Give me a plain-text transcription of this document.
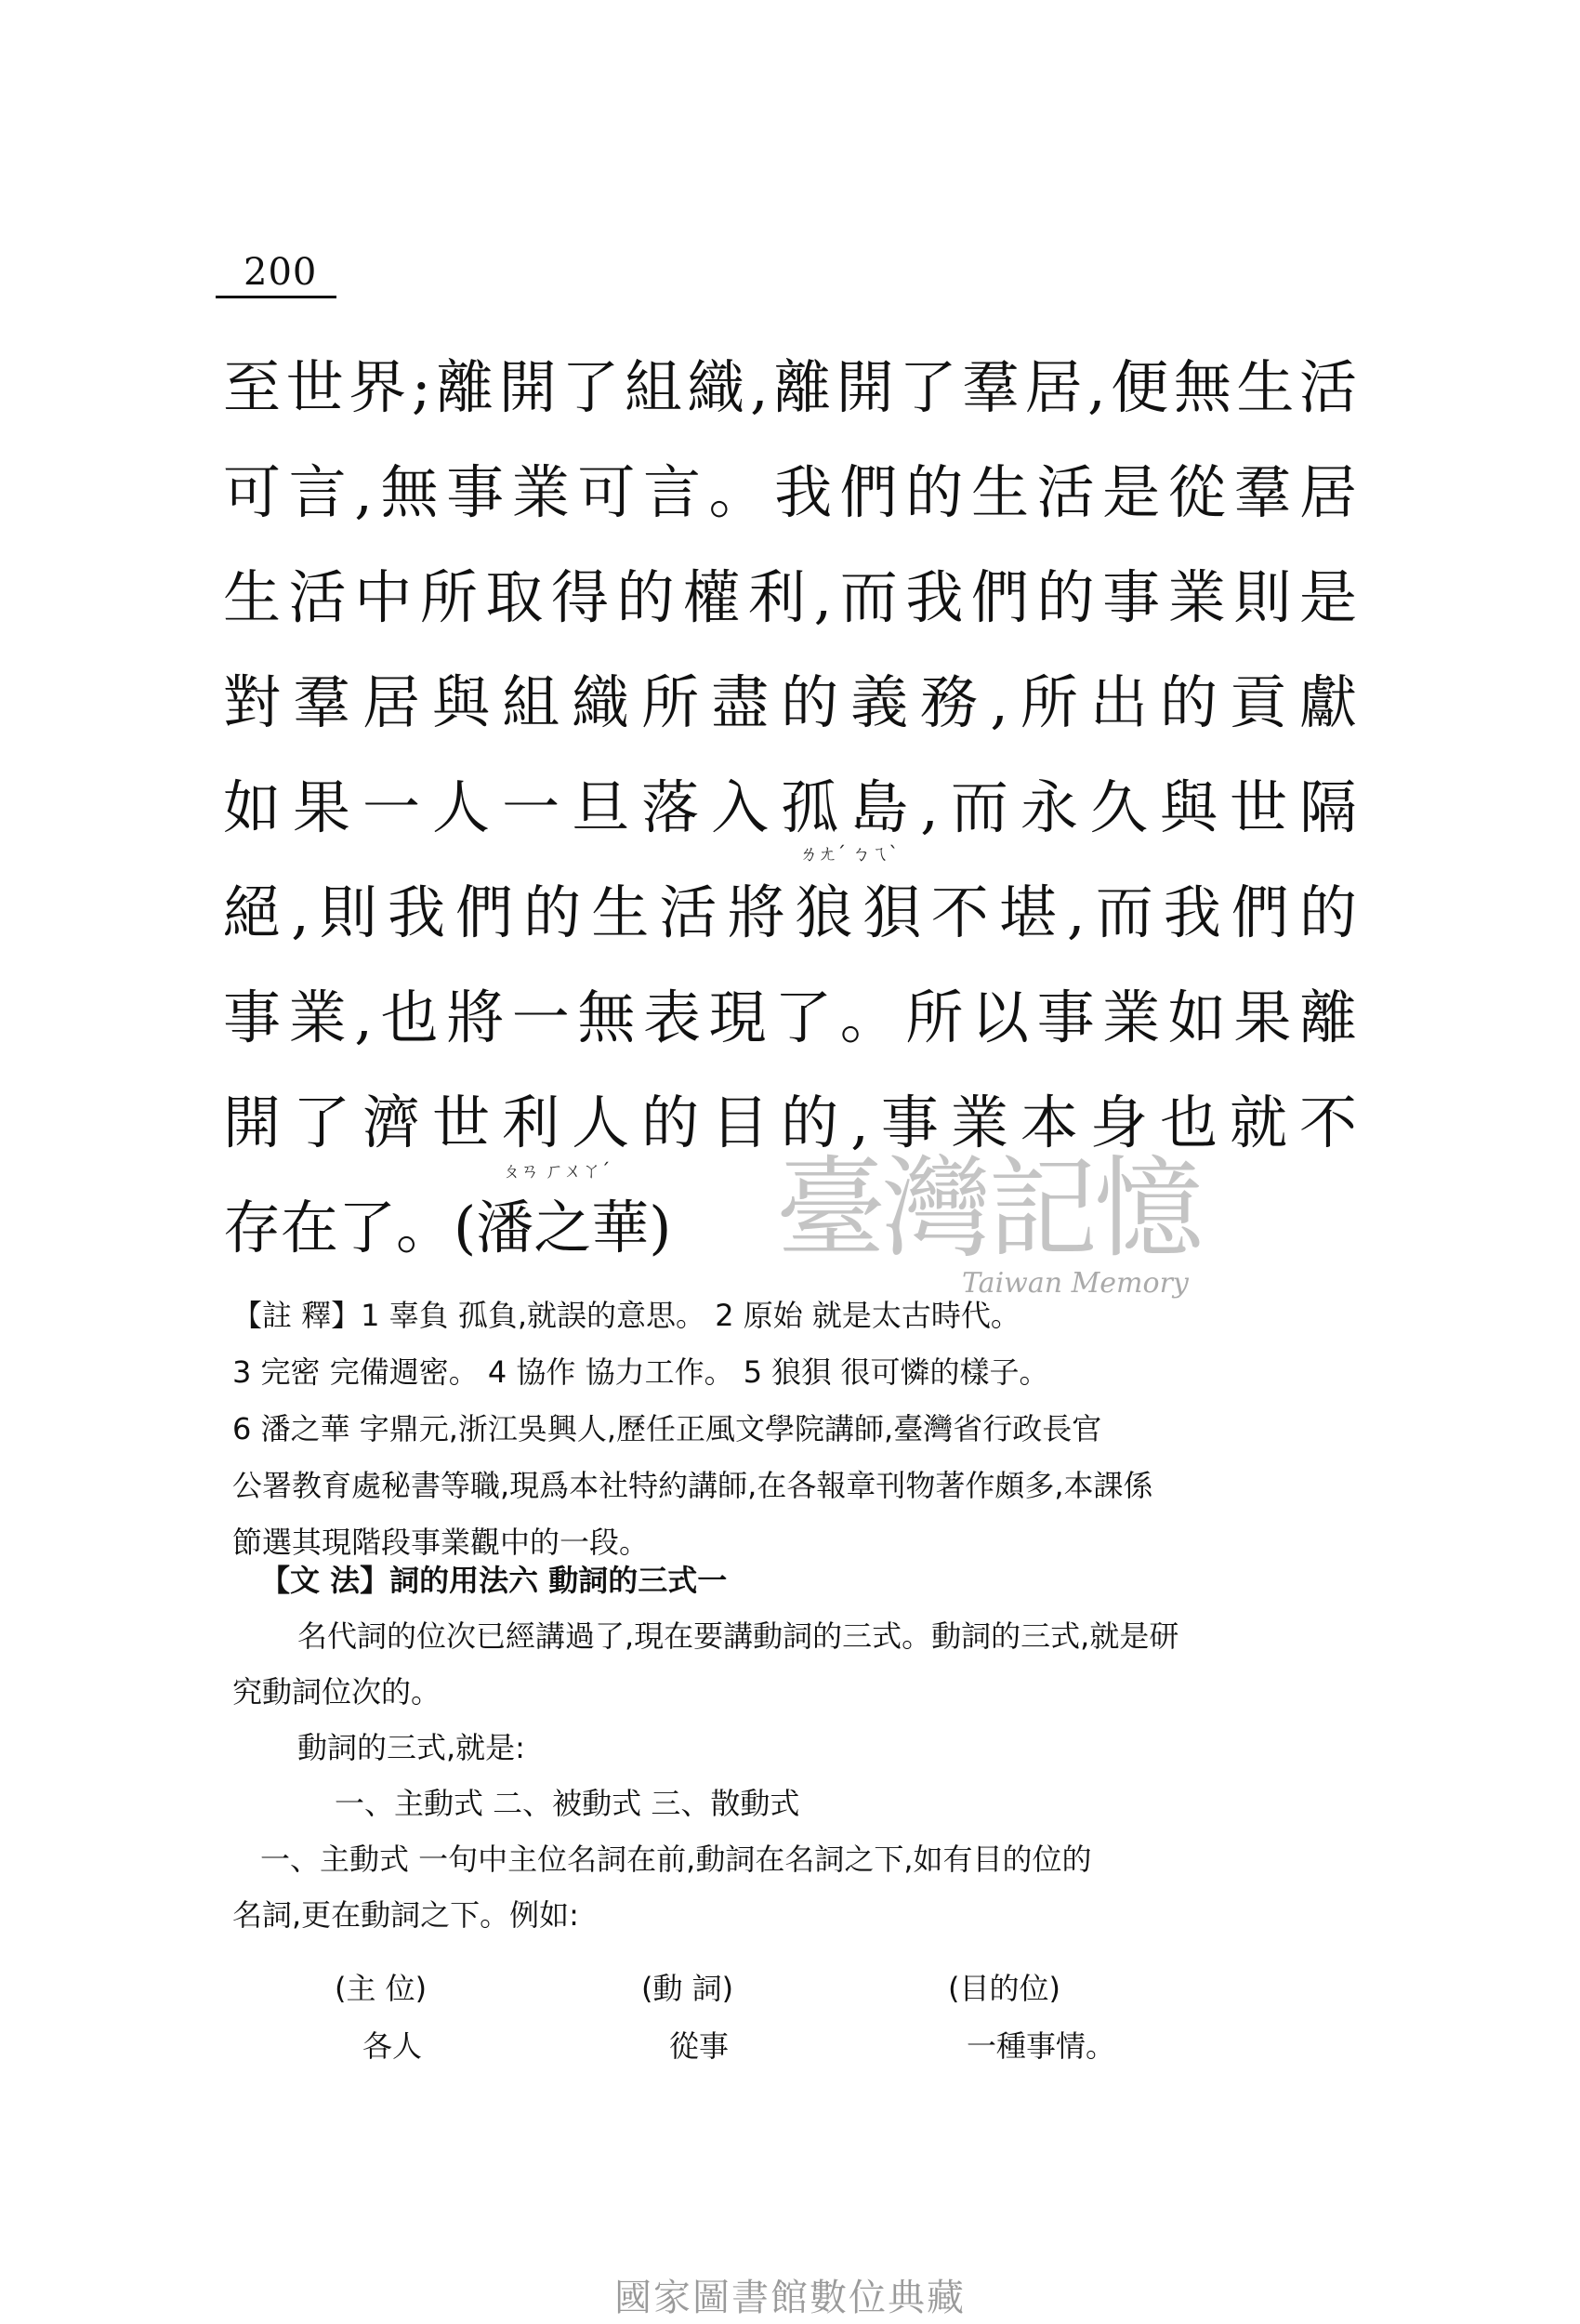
200
至世界;離開了組織,離開了羣居,便無生活
可言,無事業可言。我們的生活是從羣居
生活中所取得的權利,而我們的事業則是
對羣居與組織所盡的義務,所出的貢獻
如果一人一旦落入孤島,而永久與世隔
絕,則我們的生活將狼狽不堪,而我們的
事業,也將一無表現了。所以事業如果離
開了濟世利人的目的,事業本身也就不
存在了。(潘之華)
ㄌㄤˊ ㄅㄟˋ
ㄆㄢ ㄏㄨㄚˊ 臺灣記憶
Taiwan Memory
【註 釋】1 辜負 孤負,就誤的意思。 2 原始 就是太古時代。
3 完密 完備週密。 4 協作 協力工作。 5 狼狽 很可憐的樣子。
6 潘之華 字鼎元,浙江吳興人,歷任正風文學院講師,臺灣省行政長官
公署教育處秘書等職,現爲本社特約講師,在各報章刊物著作頗多,本課係
節選其現階段事業觀中的一段。
【文 法】詞的用法六 動詞的三式一
名代詞的位次已經講過了,現在要講動詞的三式。動詞的三式,就是研
究動詞位次的。
動詞的三式,就是:
一、主動式 二、被動式 三、散動式
一、主動式 一句中主位名詞在前,動詞在名詞之下,如有目的位的
名詞,更在動詞之下。例如:
(主 位)
各人
(動 詞)
從事
(目的位)
一種事情。
國家圖書館數位典藏
